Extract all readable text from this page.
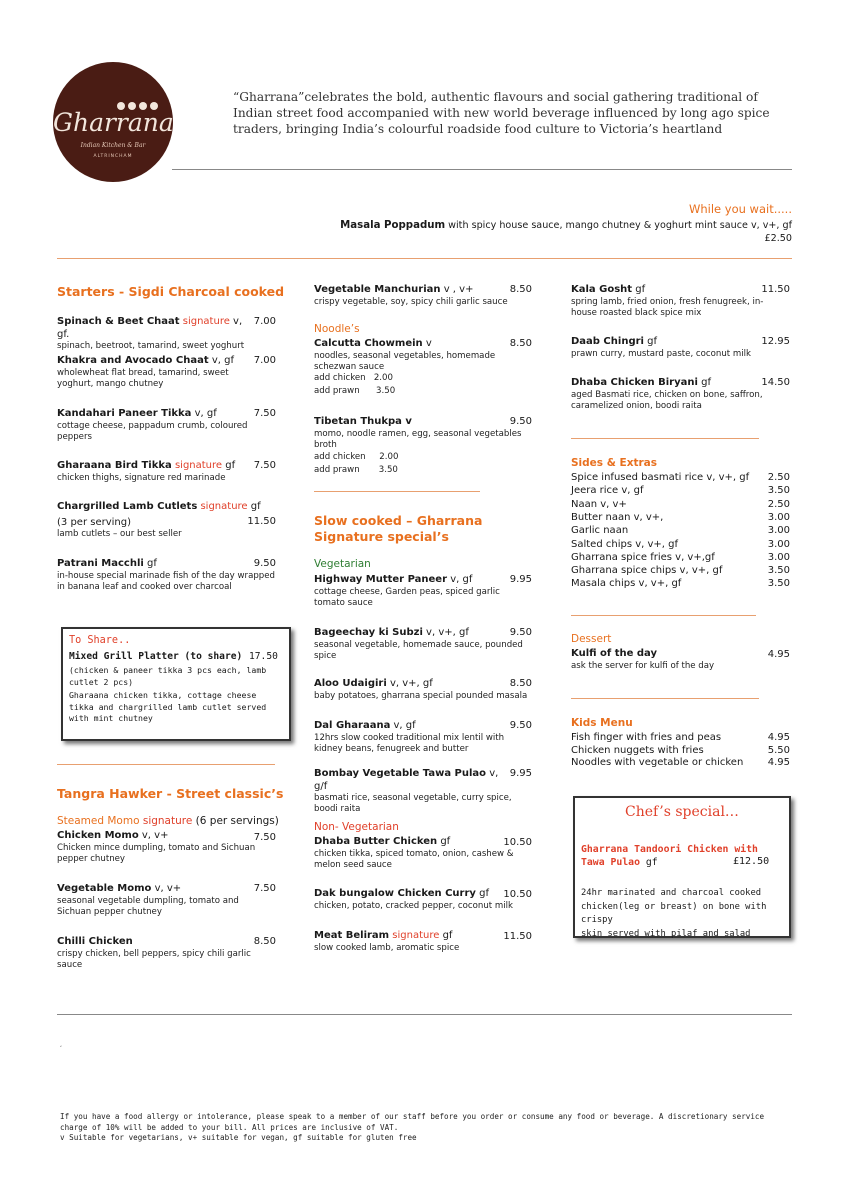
Gharrana
Indian Kitchen & Bar
ALTRINCHAM
“Gharrana”celebrates the bold, authentic flavours and social gathering traditional of Indian street food accompanied with new world beverage influenced by long ago spice traders, bringing India’s colourful roadside food culture to Victoria’s heartland
While you wait.....
Masala Poppadum with spicy house sauce, mango chutney & yoghurt mint sauce v, v+, gf
£2.50
Starters - Sigdi Charcoal cooked
Spinach & Beet Chaat signature v, gf.
spinach, beetroot, tamarind, sweet yoghurt
7.00
Khakra and Avocado Chaat v, gf
wholewheat flat bread, tamarind, sweet yoghurt, mango chutney
7.00
Kandahari Paneer Tikka v, gf
cottage cheese, pappadum crumb, coloured peppers
7.50
Gharaana Bird Tikka signature gf
chicken thighs, signature red marinade
7.50
Chargrilled Lamb Cutlets signature gf
(3 per serving)
lamb cutlets – our best seller
11.50
Patrani Macchli gf
in-house special marinade fish of the day wrapped in banana leaf and cooked over charcoal
9.50
To Share..
Mixed Grill Platter (to share) 17.50
(chicken & paneer tikka 3 pcs each, lamb cutlet 2 pcs)
Gharaana chicken tikka, cottage cheese tikka and chargrilled lamb cutlet served with mint chutney
Tangra Hawker - Street classic’s
Steamed Momo signature (6 per servings)
Chicken Momo v, v+
Chicken mince dumpling, tomato and Sichuan pepper chutney
7.50
Vegetable Momo v, v+
seasonal vegetable dumpling, tomato and Sichuan pepper chutney
7.50
Chilli Chicken
crispy chicken, bell peppers, spicy chili garlic sauce
8.50
Vegetable Manchurian v , v+
crispy vegetable, soy, spicy chili garlic sauce
8.50
Noodle’s
Calcutta Chowmein v
noodles, seasonal vegetables, homemade schezwan sauce
add chicken 2.00
add prawn 3.50
8.50
Tibetan Thukpa v
momo, noodle ramen, egg, seasonal vegetables broth
add chicken 2.00
add prawn 3.50
9.50
Slow cooked – Gharrana
Signature special’s
Vegetarian
Highway Mutter Paneer v, gf
cottage cheese, Garden peas, spiced garlic tomato sauce
9.95
Bageechay ki Subzi v, v+, gf
seasonal vegetable, homemade sauce, pounded spice
9.50
Aloo Udaigiri v, v+, gf
baby potatoes, gharrana special pounded masala
8.50
Dal Gharaana v, gf
12hrs slow cooked traditional mix lentil with kidney beans, fenugreek and butter
9.50
Bombay Vegetable Tawa Pulao v, g/f
basmati rice, seasonal vegetable, curry spice, boodi raita
9.95
Non- Vegetarian
Dhaba Butter Chicken gf
chicken tikka, spiced tomato, onion, cashew & melon seed sauce
10.50
Dak bungalow Chicken Curry gf
chicken, potato, cracked pepper, coconut milk
10.50
Meat Beliram signature gf
slow cooked lamb, aromatic spice
11.50
Kala Gosht gf
spring lamb, fried onion, fresh fenugreek, in-house roasted black spice mix
11.50
Daab Chingri gf
prawn curry, mustard paste, coconut milk
12.95
Dhaba Chicken Biryani gf
aged Basmati rice, chicken on bone, saffron, caramelized onion, boodi raita
14.50
Sides & Extras
Spice infused basmati rice v, v+, gf	2.50
Jeera rice v, gf	3.50
Naan v, v+	2.50
Butter naan v, v+,	3.00
Garlic naan	3.00
Salted chips v, v+, gf	3.00
Gharrana spice fries v, v+,gf	3.00
Gharrana spice chips v, v+, gf	3.50
Masala chips v, v+, gf	3.50
Dessert
Kulfi of the day
ask the server for kulfi of the day
4.95
Kids Menu
Fish finger with fries and peas	4.95
Chicken nuggets with fries	5.50
Noodles with vegetable or chicken	4.95
Chef’s special…
Gharrana Tandoori Chicken with
Tawa Pulao gf	£12.50
24hr marinated and charcoal cooked
chicken(leg or breast) on bone with crispy
skin served with pilaf and salad
ʻ
If you have a food allergy or intolerance, please speak to a member of our staff before you order or consume any food or beverage. A discretionary service
charge of 10% will be added to your bill. All prices are inclusive of VAT.
v Suitable for vegetarians, v+ suitable for vegan, gf suitable for gluten free
